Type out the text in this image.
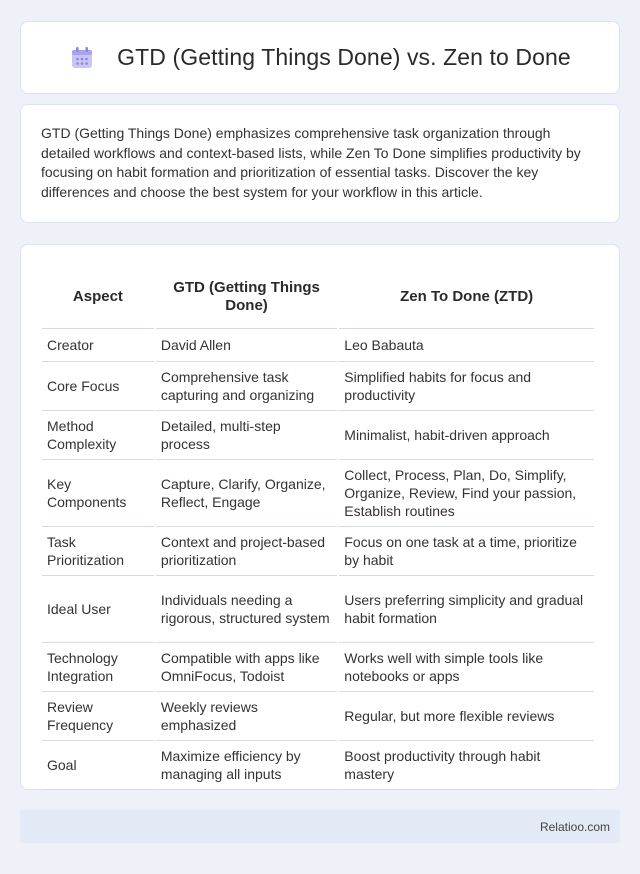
GTD (Getting Things Done) vs. Zen to Done

GTD (Getting Things Done) emphasizes comprehensive task organization through detailed workflows and context-based lists, while Zen To Done simplifies productivity by focusing on habit formation and prioritization of essential tasks. Discover the key differences and choose the best system for your workflow in this article.

Aspect	GTD (Getting Things Done)	Zen To Done (ZTD)
Creator	David Allen	Leo Babauta
Core Focus	Comprehensive task capturing and organizing	Simplified habits for focus and productivity
Method Complexity	Detailed, multi-step process	Minimalist, habit-driven approach
Key Components	Capture, Clarify, Organize, Reflect, Engage	Collect, Process, Plan, Do, Simplify, Organize, Review, Find your passion, Establish routines
Task Prioritization	Context and project-based prioritization	Focus on one task at a time, prioritize by habit
Ideal User	Individuals needing a rigorous, structured system	Users preferring simplicity and gradual habit formation
Technology Integration	Compatible with apps like OmniFocus, Todoist	Works well with simple tools like notebooks or apps
Review Frequency	Weekly reviews emphasized	Regular, but more flexible reviews
Goal	Maximize efficiency by managing all inputs	Boost productivity through habit mastery
Relatioo.com
